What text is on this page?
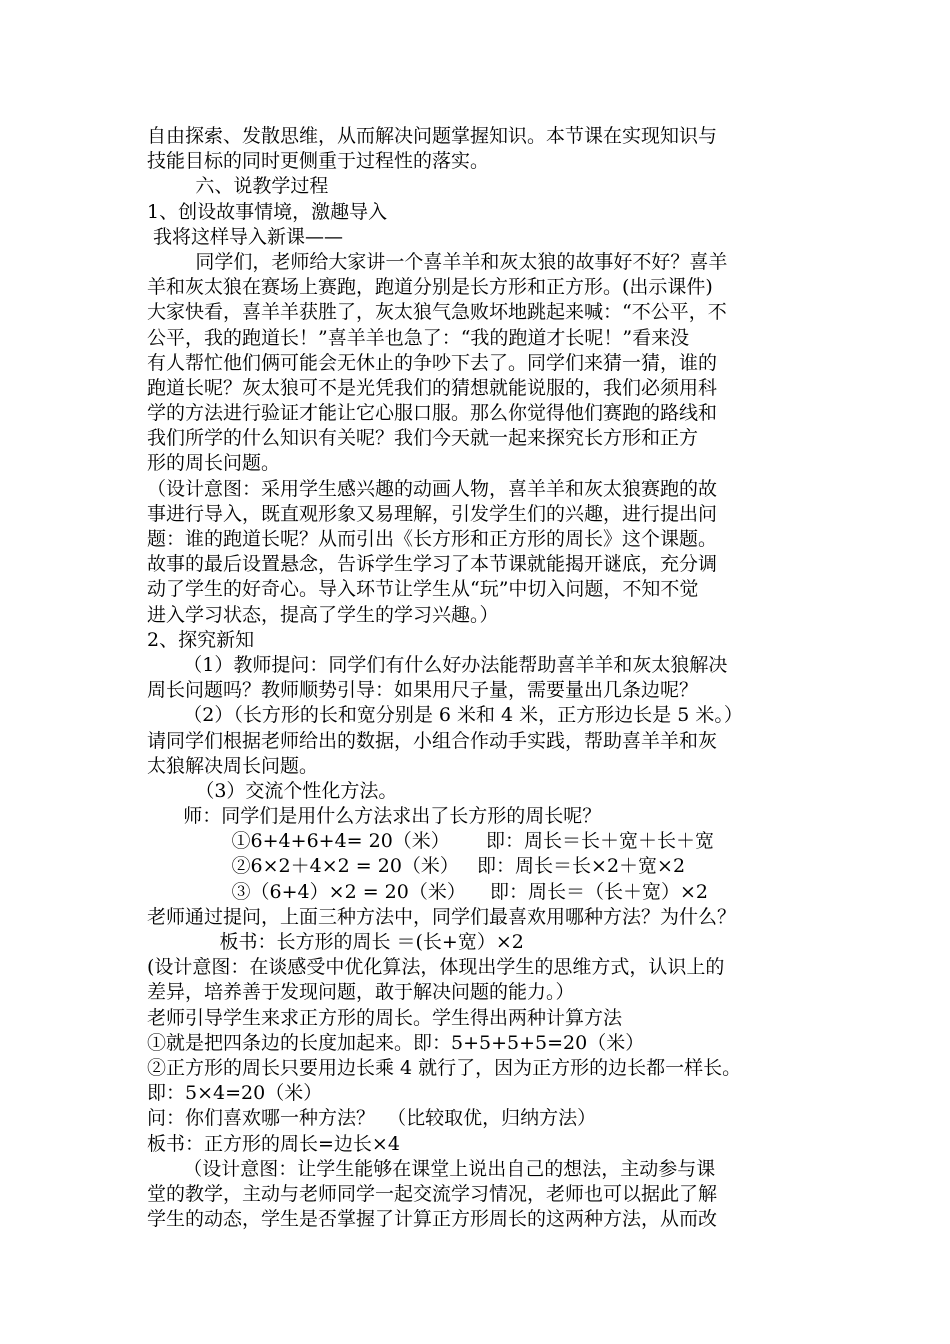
自由探索、发散思维，从而解决问题掌握知识。本节课在实现知识与
技能目标的同时更侧重于过程性的落实。
六、说教学过程
1、创设故事情境，激趣导入
我将这样导入新课——
同学们，老师给大家讲一个喜羊羊和灰太狼的故事好不好？喜羊
羊和灰太狼在赛场上赛跑，跑道分别是长方形和正方形。(出示课件)
大家快看，喜羊羊获胜了，灰太狼气急败坏地跳起来喊：“不公平，不
公平，我的跑道长！”喜羊羊也急了：“我的跑道才长呢！”看来没
有人帮忙他们俩可能会无休止的争吵下去了。同学们来猜一猜，谁的
跑道长呢？灰太狼可不是光凭我们的猜想就能说服的，我们必须用科
学的方法进行验证才能让它心服口服。那么你觉得他们赛跑的路线和
我们所学的什么知识有关呢？我们今天就一起来探究长方形和正方
形的周长问题。
（设计意图：采用学生感兴趣的动画人物，喜羊羊和灰太狼赛跑的故
事进行导入，既直观形象又易理解，引发学生们的兴趣，进行提出问
题：谁的跑道长呢？从而引出《长方形和正方形的周长》这个课题。
故事的最后设置悬念，告诉学生学习了本节课就能揭开谜底，充分调
动了学生的好奇心。导入环节让学生从“玩”中切入问题，不知不觉
进入学习状态，提高了学生的学习兴趣。）
2、探究新知
（1）教师提问：同学们有什么好办法能帮助喜羊羊和灰太狼解决
周长问题吗？教师顺势引导：如果用尺子量，需要量出几条边呢？
（2）（长方形的长和宽分别是 6 米和 4 米，正方形边长是 5 米。）
请同学们根据老师给出的数据，小组合作动手实践，帮助喜羊羊和灰
太狼解决周长问题。
（3）交流个性化方法。
师：同学们是用什么方法求出了长方形的周长呢？
①6+4+6+4= 20（米）      即：周长＝长＋宽＋长＋宽
②6×2＋4×2 = 20（米）   即：周长＝长×2＋宽×2
③（6+4）×2 = 20（米）    即：周长＝（长＋宽）×2
老师通过提问，上面三种方法中，同学们最喜欢用哪种方法？为什么？
板书：长方形的周长 ＝(长+宽）×2
(设计意图：在谈感受中优化算法，体现出学生的思维方式，认识上的
差异，培养善于发现问题，敢于解决问题的能力。）
老师引导学生来求正方形的周长。学生得出两种计算方法
①就是把四条边的长度加起来。即：5+5+5+5=20（米）
②正方形的周长只要用边长乘 4 就行了，因为正方形的边长都一样长。
即：5×4=20（米）
问：你们喜欢哪一种方法？  （比较取优，归纳方法）
板书：正方形的周长=边长×4
（设计意图：让学生能够在课堂上说出自己的想法，主动参与课
堂的教学，主动与老师同学一起交流学习情况，老师也可以据此了解
学生的动态，学生是否掌握了计算正方形周长的这两种方法，从而改
